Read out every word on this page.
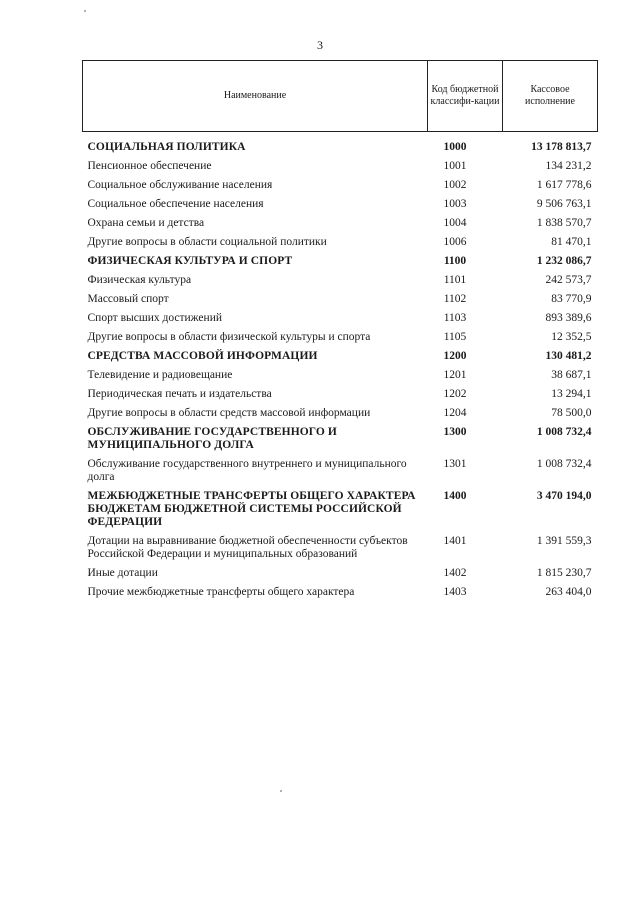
3
Наименование	Код бюджетной классифи-кации	Кассовое исполнение

СОЦИАЛЬНАЯ ПОЛИТИКА	1000	13 178 813,7
Пенсионное обеспечение	1001	134 231,2
Социальное обслуживание населения	1002	1 617 778,6
Социальное обеспечение населения	1003	9 506 763,1
Охрана семьи и детства	1004	1 838 570,7
Другие вопросы в области социальной политики	1006	81 470,1
ФИЗИЧЕСКАЯ КУЛЬТУРА И СПОРТ	1100	1 232 086,7
Физическая культура	1101	242 573,7
Массовый спорт	1102	83 770,9
Спорт высших достижений	1103	893 389,6
Другие вопросы в области физической культуры и спорта	1105	12 352,5
СРЕДСТВА МАССОВОЙ ИНФОРМАЦИИ	1200	130 481,2
Телевидение и радиовещание	1201	38 687,1
Периодическая печать и издательства	1202	13 294,1
Другие вопросы в области средств массовой информации	1204	78 500,0
ОБСЛУЖИВАНИЕ ГОСУДАРСТВЕННОГО И МУНИЦИПАЛЬНОГО ДОЛГА	1300	1 008 732,4
Обслуживание государственного внутреннего и муниципального долга	1301	1 008 732,4
МЕЖБЮДЖЕТНЫЕ ТРАНСФЕРТЫ ОБЩЕГО ХАРАКТЕРА БЮДЖЕТАМ БЮДЖЕТНОЙ СИСТЕМЫ РОССИЙСКОЙ ФЕДЕРАЦИИ	1400	3 470 194,0
Дотации на выравнивание бюджетной обеспеченности субъектов Российской Федерации и муниципальных образований	1401	1 391 559,3
Иные дотации	1402	1 815 230,7
Прочие межбюджетные трансферты общего характера	1403	263 404,0
